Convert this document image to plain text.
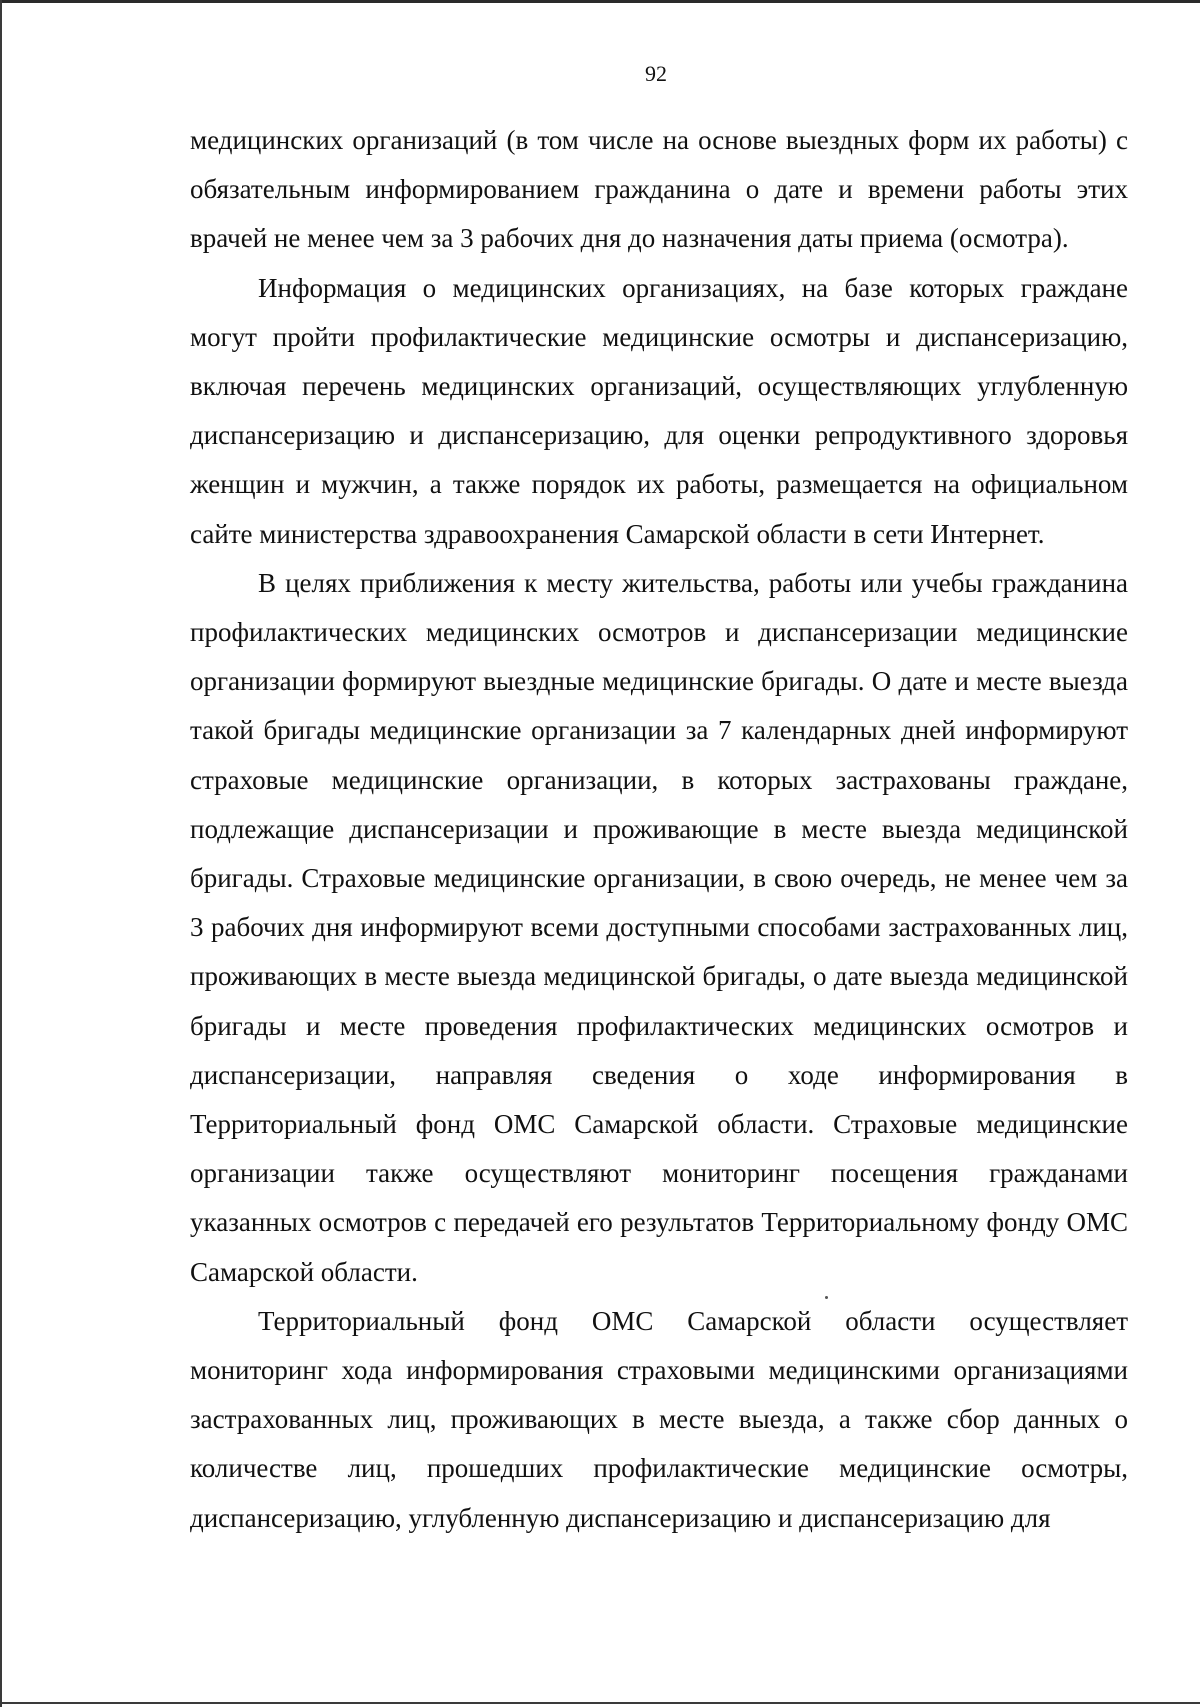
92

медицинских организаций (в том числе на основе выездных форм их работы) с обязательным информированием гражданина о дате и времени работы этих врачей не менее чем за 3 рабочих дня до назначения даты приема (осмотра).

Информация о медицинских организациях, на базе которых граждане могут пройти профилактические медицинские осмотры и диспансеризацию, включая перечень медицинских организаций, осуществляющих углубленную диспансеризацию и диспансеризацию, для оценки репродуктивного здоровья женщин и мужчин, а также порядок их работы, размещается на официальном сайте министерства здравоохранения Самарской области в сети Интернет.

В целях приближения к месту жительства, работы или учебы гражданина профилактических медицинских осмотров и диспансеризации медицинские организации формируют выездные медицинские бригады. О дате и месте выезда такой бригады медицинские организации за 7 календарных дней информируют страховые медицинские организации, в которых застрахованы граждане, подлежащие диспансеризации и проживающие в месте выезда медицинской бригады. Страховые медицинские организации, в свою очередь, не менее чем за 3 рабочих дня информируют всеми доступными способами застрахованных лиц, проживающих в месте выезда медицинской бригады, о дате выезда медицинской бригады и месте проведения профилактических медицинских осмотров и диспансеризации, направляя сведения о ходе информирования в Территориальный фонд ОМС Самарской области. Страховые медицинские организации также осуществляют мониторинг посещения гражданами указанных осмотров с передачей его результатов Территориальному фонду ОМС Самарской области.

Территориальный фонд ОМС Самарской области осуществляет мониторинг хода информирования страховыми медицинскими организациями застрахованных лиц, проживающих в месте выезда, а также сбор данных о количестве лиц, прошедших профилактические медицинские осмотры, диспансеризацию, углубленную диспансеризацию и диспансеризацию для
